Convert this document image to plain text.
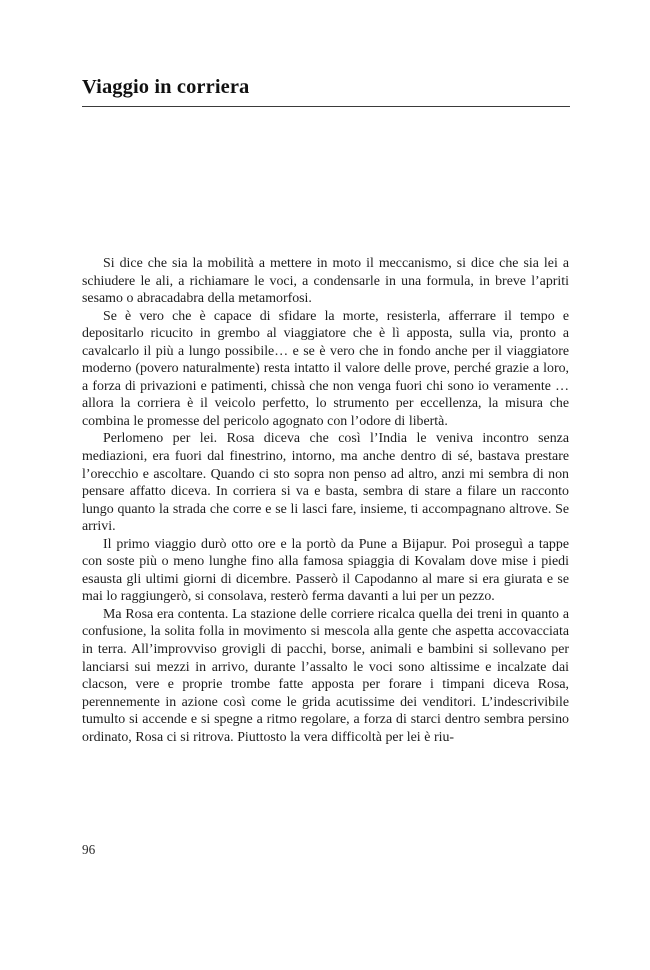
Viaggio in corriera

Si dice che sia la mobilità a mettere in moto il meccanismo, si dice che sia lei a schiudere le ali, a richiamare le voci, a condensarle in una formula, in breve l’apriti sesamo o abracadabra della metamorfosi.

Se è vero che è capace di sfidare la morte, resisterla, afferrare il tempo e depositarlo ricucito in grembo al viaggiatore che è lì apposta, sulla via, pronto a cavalcarlo il più a lungo possibile… e se è vero che in fondo anche per il viaggiatore moderno (povero naturalmente) resta intatto il valore delle prove, perché grazie a loro, a forza di privazioni e patimenti, chissà che non venga fuori chi sono io veramente … allora la corriera è il veicolo perfetto, lo strumento per eccellenza, la misura che combina le promesse del pericolo agognato con l’odore di libertà.

Perlomeno per lei. Rosa diceva che così l’India le veniva incontro senza mediazioni, era fuori dal finestrino, intorno, ma anche dentro di sé, bastava prestare l’orecchio e ascoltare. Quando ci sto sopra non penso ad altro, anzi mi sembra di non pensare affatto diceva. In corriera si va e basta, sembra di stare a filare un racconto lungo quanto la strada che corre e se li lasci fare, insieme, ti accompagnano altrove. Se arrivi.

Il primo viaggio durò otto ore e la portò da Pune a Bijapur. Poi proseguì a tappe con soste più o meno lunghe fino alla famosa spiaggia di Kovalam dove mise i piedi esausta gli ultimi giorni di dicembre. Passerò il Capodanno al mare si era giurata e se mai lo raggiungerò, si consolava, resterò ferma davanti a lui per un pezzo.

Ma Rosa era contenta. La stazione delle corriere ricalca quella dei treni in quanto a confusione, la solita folla in movimento si mescola alla gente che aspetta accovacciata in terra. All’improvviso grovigli di pacchi, borse, animali e bambini si sollevano per lanciarsi sui mezzi in arrivo, durante l’assalto le voci sono altissime e incalzate dai clacson, vere e proprie trombe fatte apposta per forare i timpani diceva Rosa, perennemente in azione così come le grida acutissime dei venditori. L’indescrivibile tumulto si accende e si spegne a ritmo regolare, a forza di starci dentro sembra persino ordinato, Rosa ci si ritrova. Piuttosto la vera difficoltà per lei è riu-

96
